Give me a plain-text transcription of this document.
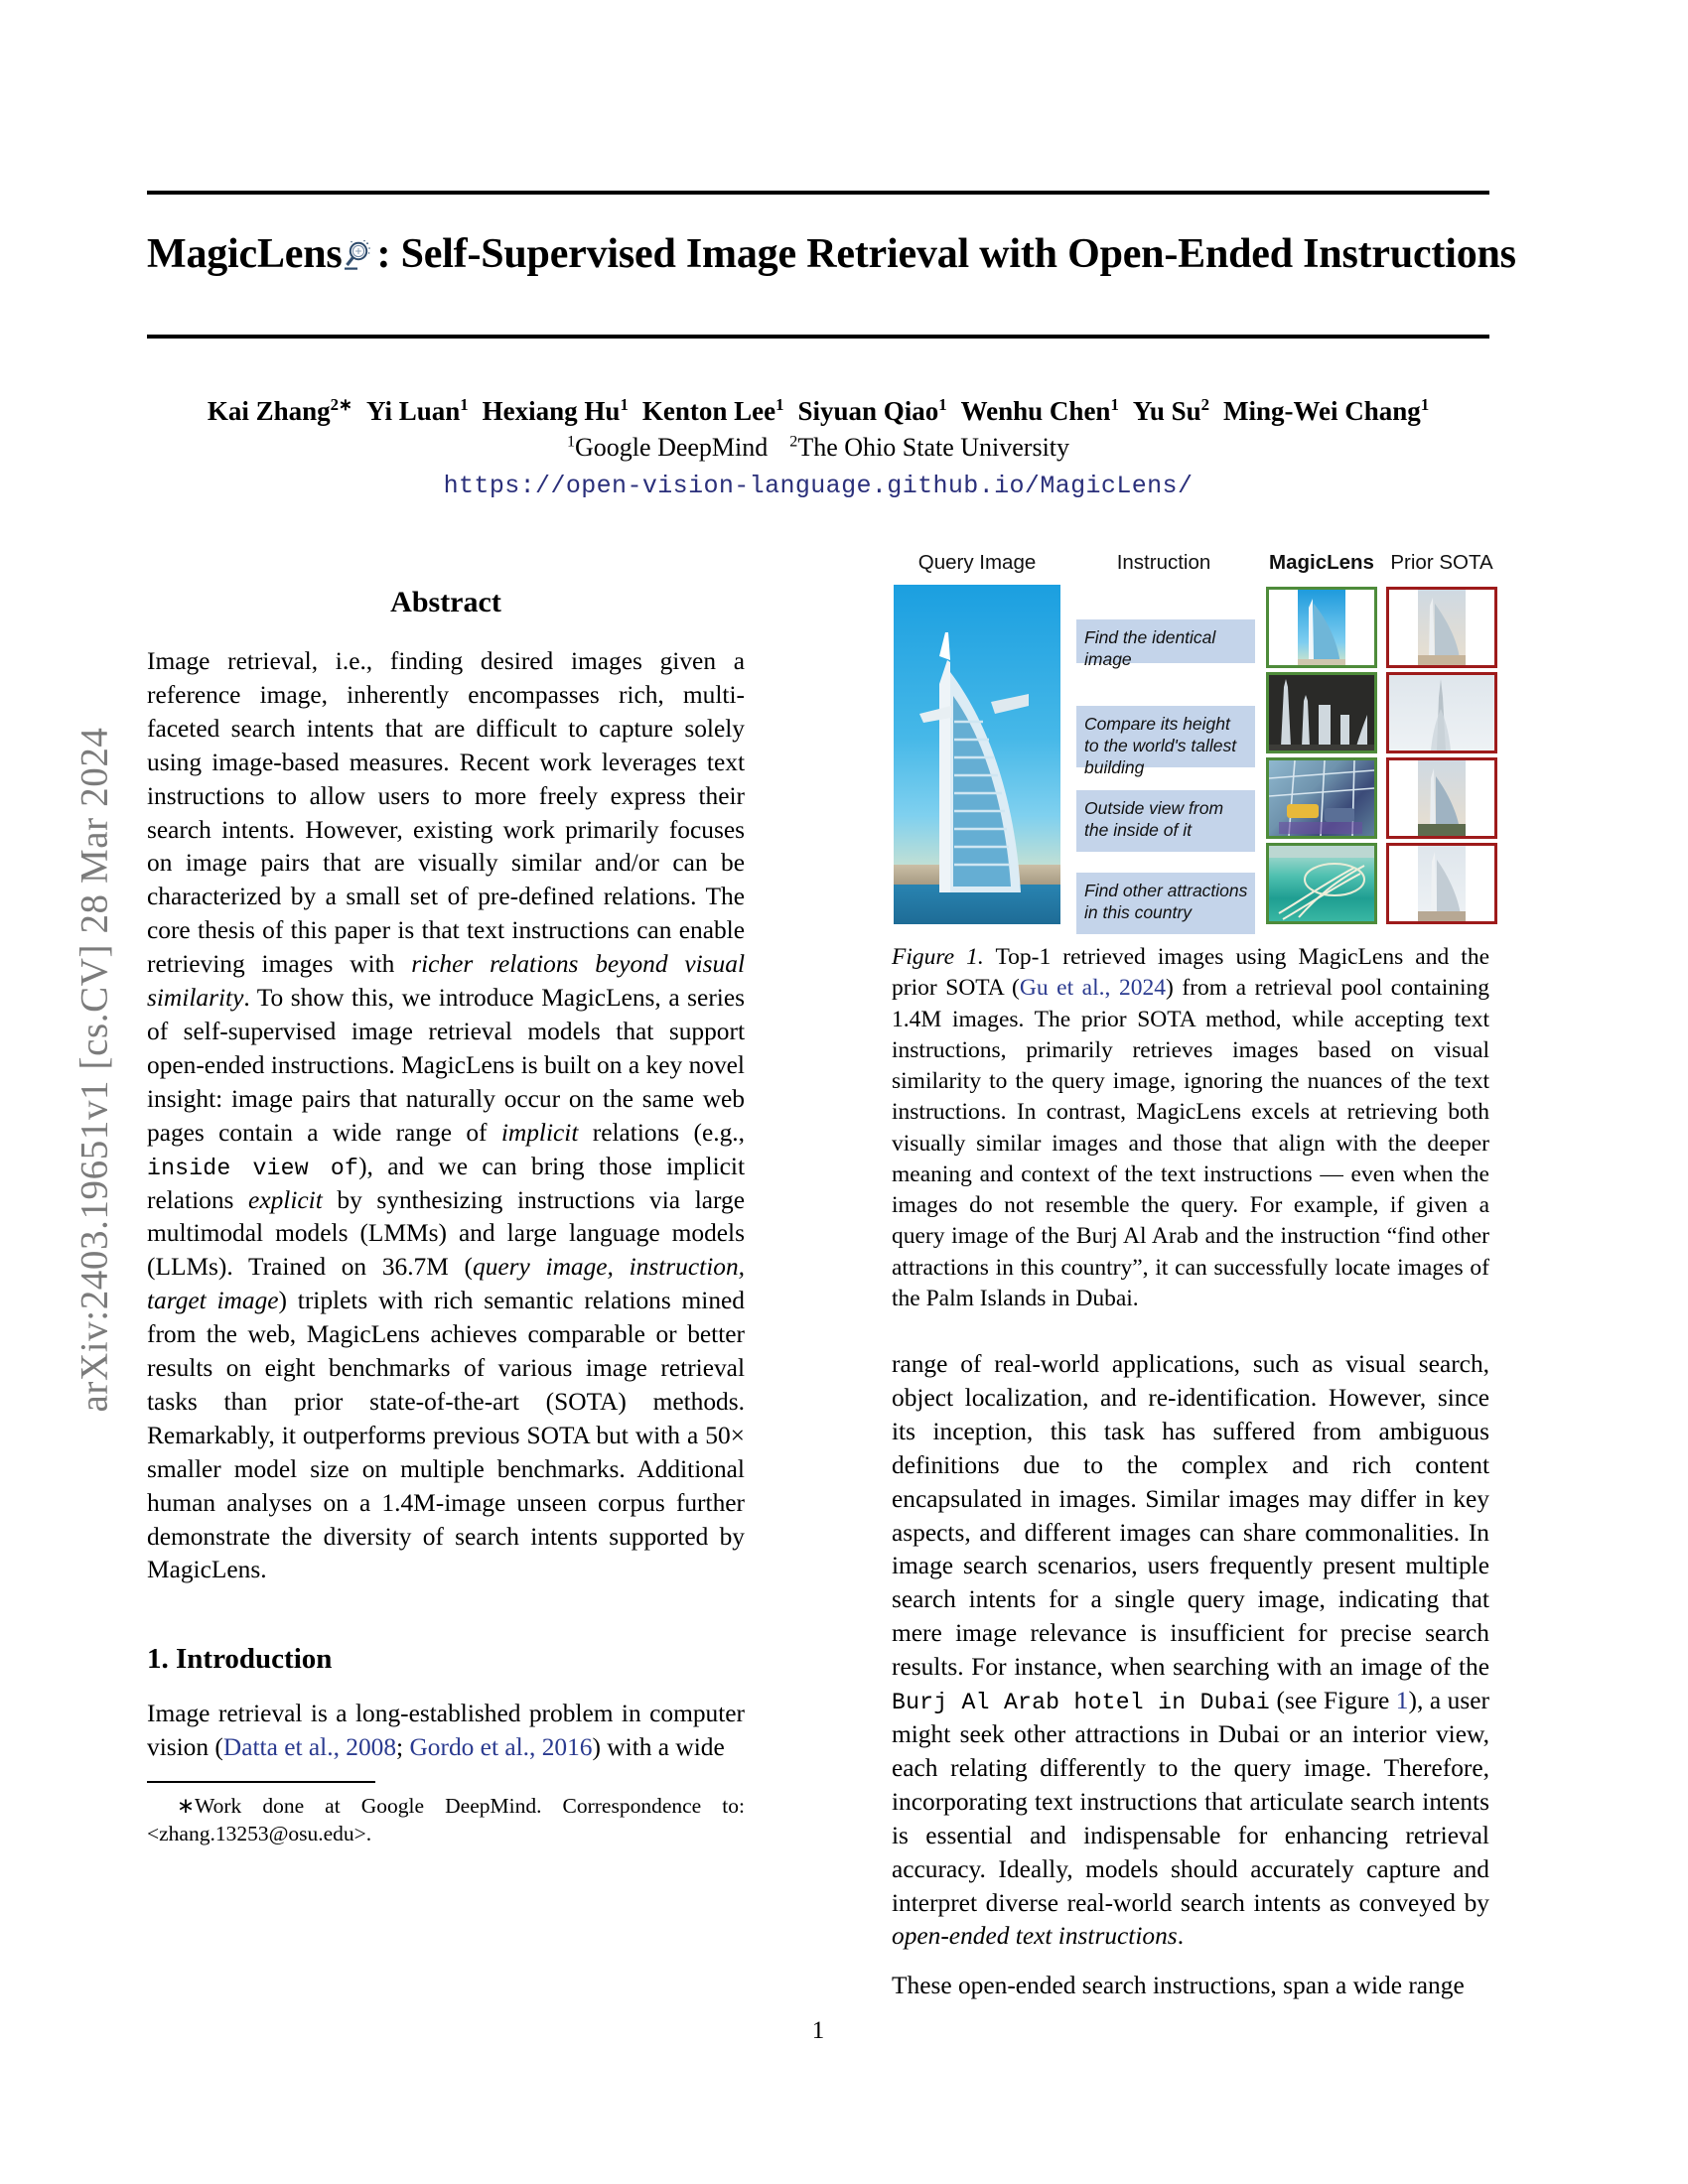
arXiv:2403.19651v1 [cs.CV] 28 Mar 2024
MagicLens : Self-Supervised Image Retrieval with Open-Ended Instructions
Kai Zhang$^{2∗}$ Yi Luan$^1$ Hexiang Hu$^1$ Kenton Lee$^1$ Siyuan Qiao$^1$ Wenhu Chen$^1$ Yu Su$^2$ Ming-Wei Chang$^1$
$^1$Google DeepMind $^2$The Ohio State University
https://open-vision-language.github.io/MagicLens/
Abstract

Image retrieval, i.e., finding desired images given a reference image, inherently encompasses rich, multi-faceted search intents that are difficult to capture solely using image-based measures. Recent work leverages text instructions to allow users to more freely express their search intents. However, existing work primarily focuses on image pairs that are visually similar and/or can be characterized by a small set of pre-defined relations. The core thesis of this paper is that text instructions can enable retrieving images with richer relations beyond visual similarity. To show this, we introduce MagicLens, a series of self-supervised image retrieval models that support open-ended instructions. MagicLens is built on a key novel insight: image pairs that naturally occur on the same web pages contain a wide range of implicit relations (e.g., inside view of), and we can bring those implicit relations explicit by synthesizing instructions via large multimodal models (LMMs) and large language models (LLMs). Trained on 36.7M (query image, instruction, target image) triplets with rich semantic relations mined from the web, MagicLens achieves comparable or better results on eight benchmarks of various image retrieval tasks than prior state-of-the-art (SOTA) methods. Remarkably, it outperforms previous SOTA but with a 50× smaller model size on multiple benchmarks. Additional human analyses on a 1.4M-image unseen corpus further demonstrate the diversity of search intents supported by MagicLens.

1. Introduction

Image retrieval is a long-established problem in computer vision (Datta et al., 2008; Gordo et al., 2016) with a wide

∗Work done at Google DeepMind. Correspondence to: <zhang.13253@osu.edu>.

Query Image	Instruction	MagicLens Prior SOTA
Find the identical image
Compare its height to the world's tallest building
Outside view from the inside of it
Find other attractions in this country

Figure 1. Top-1 retrieved images using MagicLens and the prior SOTA (Gu et al., 2024) from a retrieval pool containing 1.4M images. The prior SOTA method, while accepting text instructions, primarily retrieves images based on visual similarity to the query image, ignoring the nuances of the text instructions. In contrast, MagicLens excels at retrieving both visually similar images and those that align with the deeper meaning and context of the text instructions — even when the images do not resemble the query. For example, if given a query image of the Burj Al Arab and the instruction “find other attractions in this country”, it can successfully locate images of the Palm Islands in Dubai.

range of real-world applications, such as visual search, object localization, and re-identification. However, since its inception, this task has suffered from ambiguous definitions due to the complex and rich content encapsulated in images. Similar images may differ in key aspects, and different images can share commonalities. In image search scenarios, users frequently present multiple search intents for a single query image, indicating that mere image relevance is insufficient for precise search results. For instance, when searching with an image of the Burj Al Arab hotel in Dubai (see Figure 1), a user might seek other attractions in Dubai or an interior view, each relating differently to the query image. Therefore, incorporating text instructions that articulate search intents is essential and indispensable for enhancing retrieval accuracy. Ideally, models should accurately capture and interpret diverse real-world search intents as conveyed by open-ended text instructions.

These open-ended search instructions, span a wide range

1
